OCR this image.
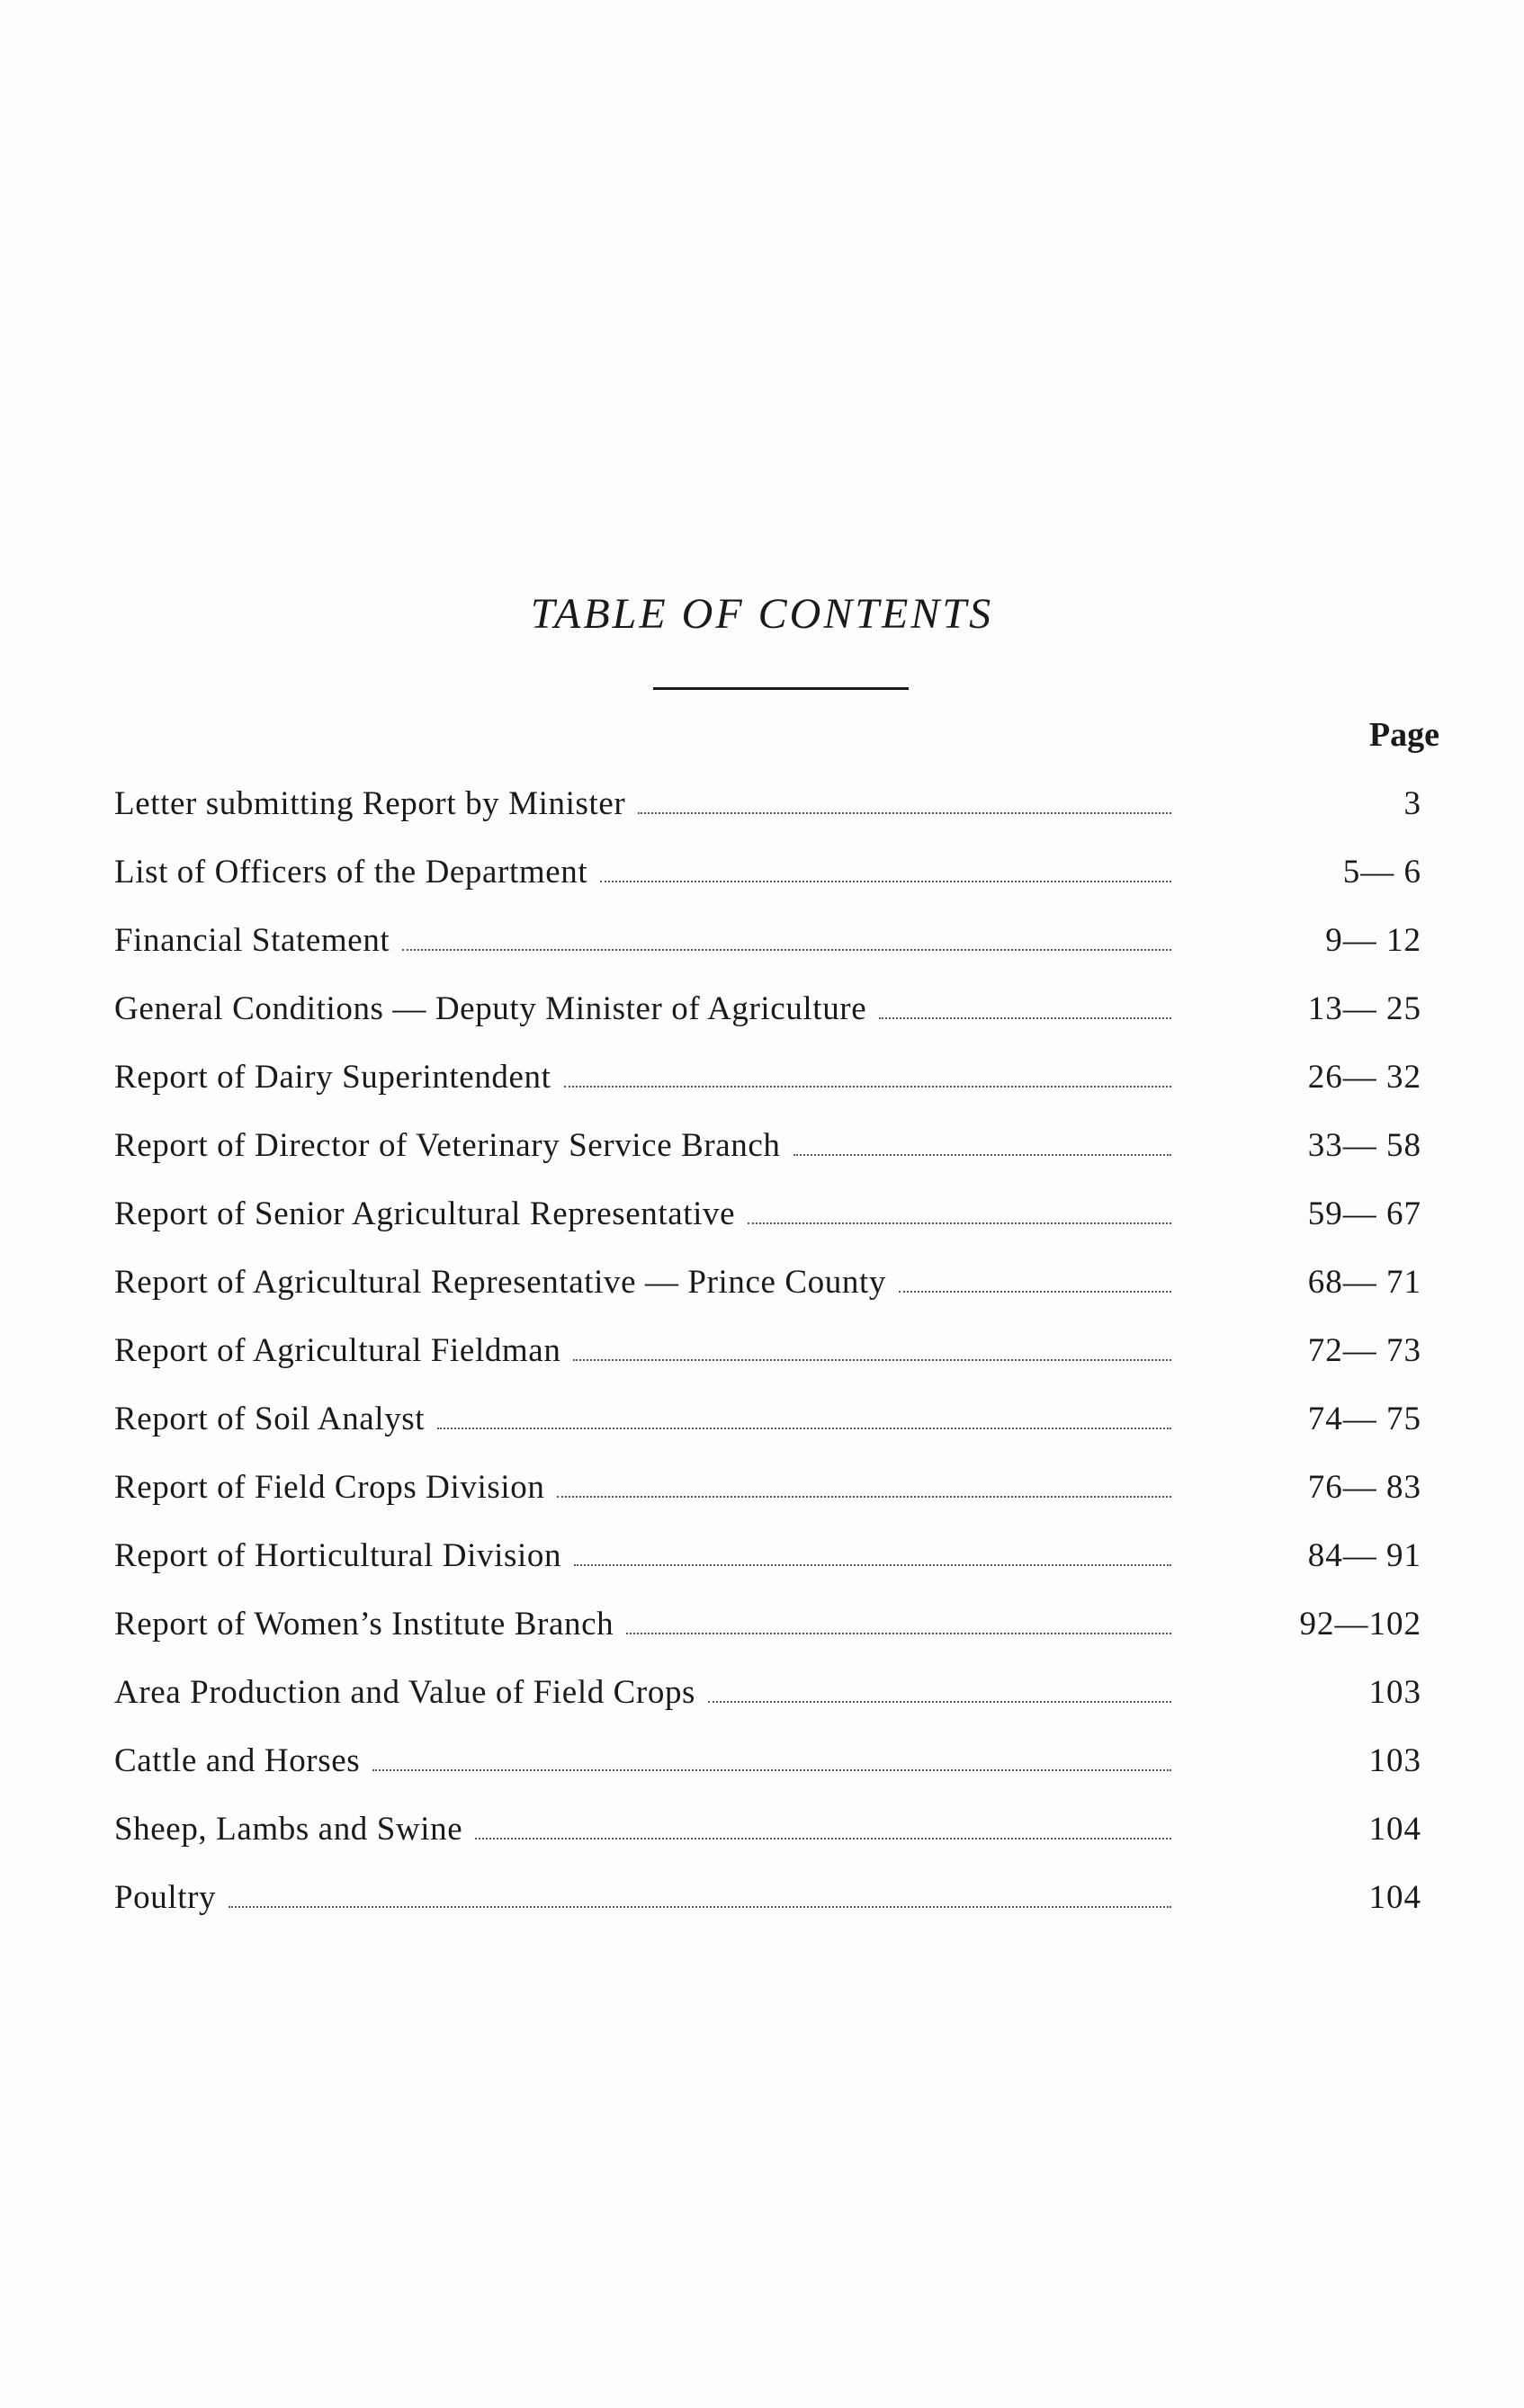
TABLE OF CONTENTS
Page
Letter submitting Report by Minister	3
List of Officers of the Department	5— 6
Financial Statement	9— 12
General Conditions — Deputy Minister of Agriculture	13— 25
Report of Dairy Superintendent	26— 32
Report of Director of Veterinary Service Branch	33— 58
Report of Senior Agricultural Representative	59— 67
Report of Agricultural Representative — Prince County	68— 71
Report of Agricultural Fieldman	72— 73
Report of Soil Analyst	74— 75
Report of Field Crops Division	76— 83
Report of Horticultural Division	84— 91
Report of Women’s Institute Branch	92—102
Area Production and Value of Field Crops	103
Cattle and Horses	103
Sheep, Lambs and Swine	104
Poultry	104
